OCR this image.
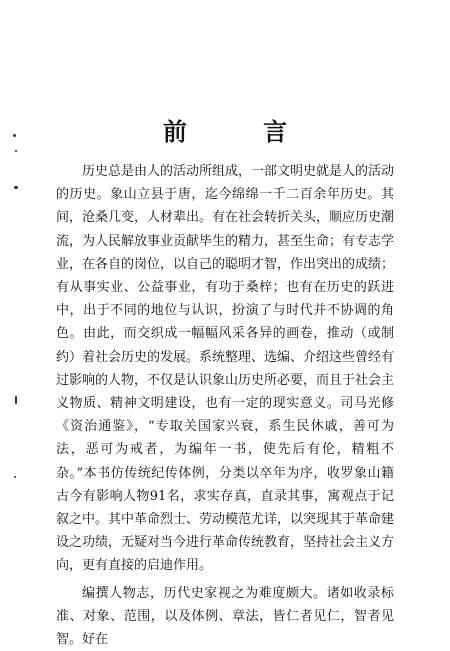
前 言

历史总是由人的活动所组成，一部文明史就是人的活动的历史。象山立县于唐，迄今绵绵一千二百余年历史。其间，沧桑几变，人材辈出。有在社会转折关头，顺应历史潮流，为人民解放事业贡献毕生的精力，甚至生命；有专志学业，在各自的岗位，以自己的聪明才智，作出突出的成绩；有从事实业、公益事业，有功于桑梓；也有在历史的跃进中，出于不同的地位与认识，扮演了与时代并不协调的角色。由此，而交织成一幅幅风采各异的画卷，推动（或制约）着社会历史的发展。系统整理、选编、介绍这些曾经有过影响的人物，不仅是认识象山历史所必要，而且于社会主义物质、精神文明建设，也有一定的现实意义。司马光修《资治通鉴》，“专取关国家兴衰，系生民休戚，善可为法，恶可为戒者，为编年一书，使先后有伦，精粗不杂。”本书仿传统纪传体例，分类以卒年为序，收罗象山籍古今有影响人物91名，求实存真，直录其事，寓观点于记叙之中。其中革命烈士、劳动模范尤详，以突现其于革命建设之功绩，无疑对当今进行革命传统教育，坚持社会主义方向，更有直接的启迪作用。

编撰人物志，历代史家视之为难度颇大。诸如收录标准、对象、范围，以及体例、章法，皆仁者见仁，智者见智。好在
